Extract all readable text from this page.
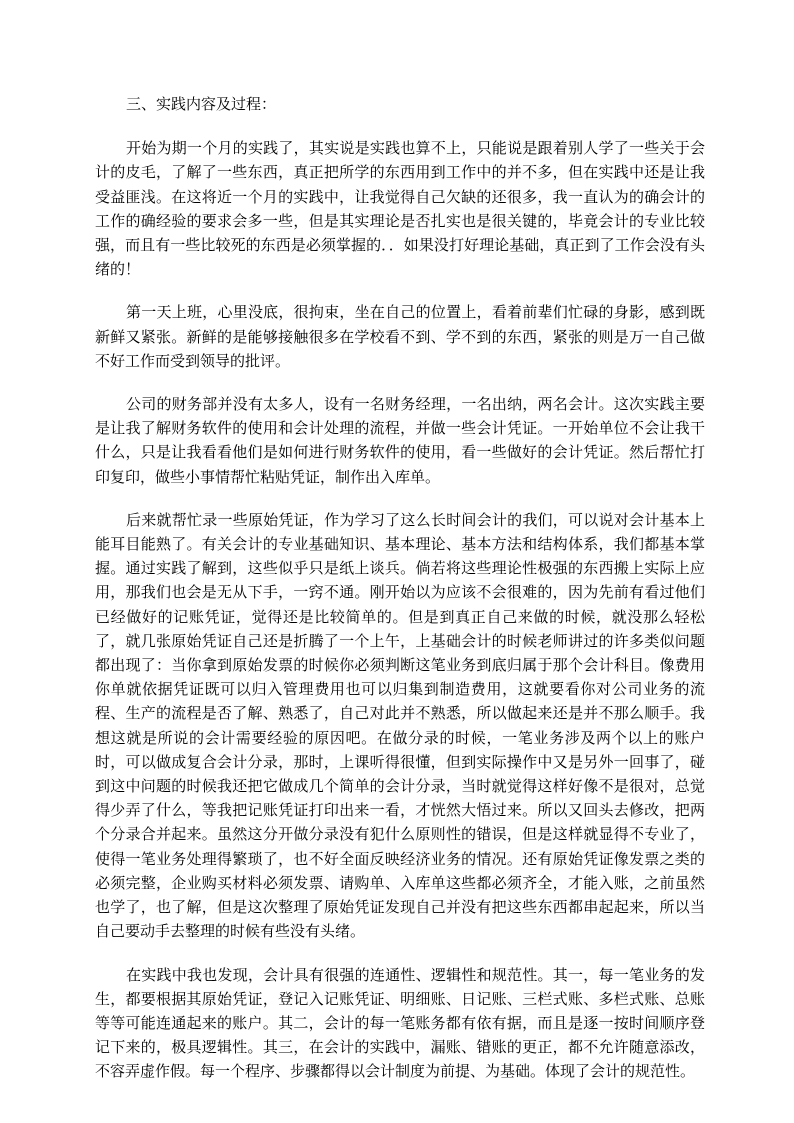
三、实践内容及过程：

开始为期一个月的实践了，其实说是实践也算不上，只能说是跟着别人学了一些关于会计的皮毛，了解了一些东西，真正把所学的东西用到工作中的并不多，但在实践中还是让我受益匪浅。在这将近一个月的实践中，让我觉得自己欠缺的还很多，我一直认为的确会计的工作的确经验的要求会多一些，但是其实理论是否扎实也是很关键的，毕竟会计的专业比较强，而且有一些比较死的东西是必须掌握的．．如果没打好理论基础，真正到了工作会没有头绪的！

第一天上班，心里没底，很拘束，坐在自己的位置上，看着前辈们忙碌的身影，感到既新鲜又紧张。新鲜的是能够接触很多在学校看不到、学不到的东西，紧张的则是万一自己做不好工作而受到领导的批评。

公司的财务部并没有太多人，设有一名财务经理，一名出纳，两名会计。这次实践主要是让我了解财务软件的使用和会计处理的流程，并做一些会计凭证。一开始单位不会让我干什么，只是让我看看他们是如何进行财务软件的使用，看一些做好的会计凭证。然后帮忙打印复印，做些小事情帮忙粘贴凭证，制作出入库单。

后来就帮忙录一些原始凭证，作为学习了这么长时间会计的我们，可以说对会计基本上能耳目能熟了。有关会计的专业基础知识、基本理论、基本方法和结构体系，我们都基本掌握。通过实践了解到，这些似乎只是纸上谈兵。倘若将这些理论性极强的东西搬上实际上应用，那我们也会是无从下手，一窍不通。刚开始以为应该不会很难的，因为先前有看过他们已经做好的记账凭证，觉得还是比较简单的。但是到真正自己来做的时候，就没那么轻松了，就几张原始凭证自己还是折腾了一个上午，上基础会计的时候老师讲过的许多类似问题都出现了：当你拿到原始发票的时候你必须判断这笔业务到底归属于那个会计科目。像费用你单就依据凭证既可以归入管理费用也可以归集到制造费用，这就要看你对公司业务的流程、生产的流程是否了解、熟悉了，自己对此并不熟悉，所以做起来还是并不那么顺手。我想这就是所说的会计需要经验的原因吧。在做分录的时候，一笔业务涉及两个以上的账户时，可以做成复合会计分录，那时，上课听得很懂，但到实际操作中又是另外一回事了，碰到这中问题的时候我还把它做成几个简单的会计分录，当时就觉得这样好像不是很对，总觉得少弄了什么，等我把记账凭证打印出来一看，才恍然大悟过来。所以又回头去修改，把两个分录合并起来。虽然这分开做分录没有犯什么原则性的错误，但是这样就显得不专业了，使得一笔业务处理得繁琐了，也不好全面反映经济业务的情况。还有原始凭证像发票之类的必须完整，企业购买材料必须发票、请购单、入库单这些都必须齐全，才能入账，之前虽然也学了，也了解，但是这次整理了原始凭证发现自己并没有把这些东西都串起起来，所以当自己要动手去整理的时候有些没有头绪。

在实践中我也发现，会计具有很强的连通性、逻辑性和规范性。其一，每一笔业务的发生，都要根据其原始凭证，登记入记账凭证、明细账、日记账、三栏式账、多栏式账、总账等等可能连通起来的账户。其二，会计的每一笔账务都有依有据，而且是逐一按时间顺序登记下来的，极具逻辑性。其三，在会计的实践中，漏账、错账的更正，都不允许随意添改，不容弄虚作假。每一个程序、步骤都得以会计制度为前提、为基础。体现了会计的规范性。
